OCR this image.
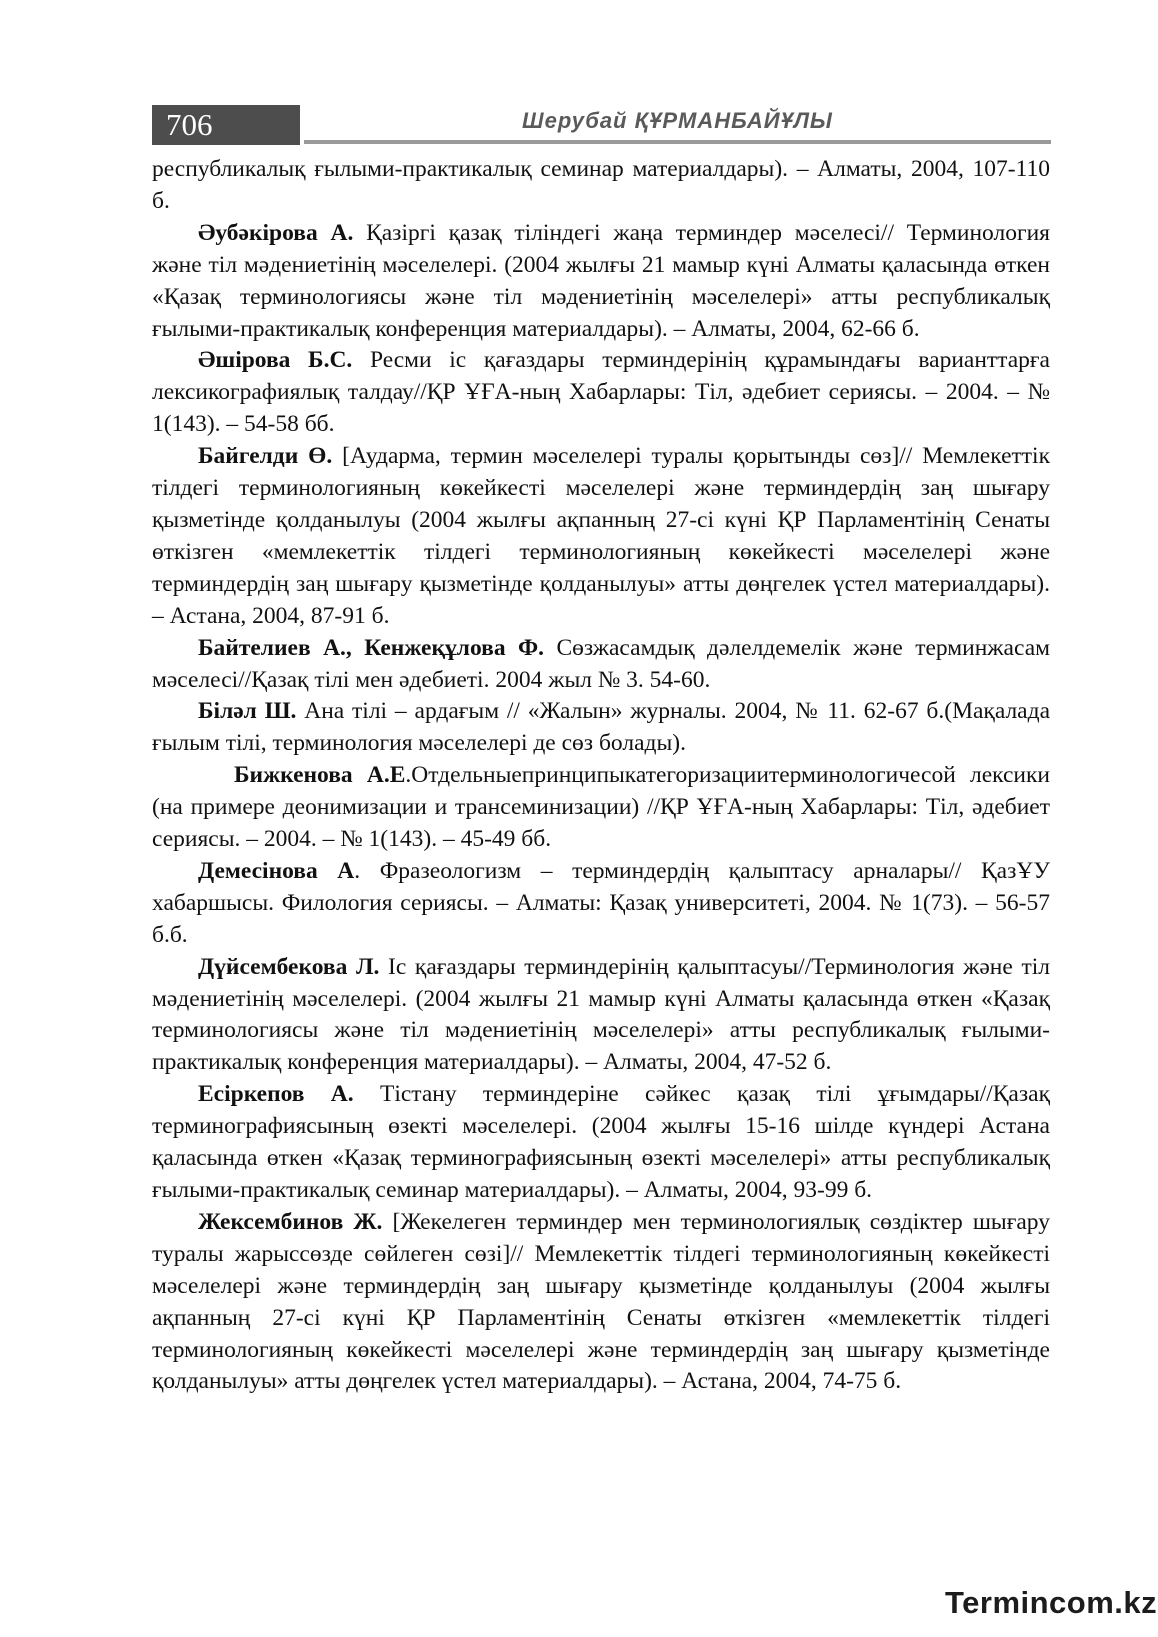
706	Шерубай ҚҰРМАНБАЙҰЛЫ

республикалық ғылыми-практикалық семинар материалдары). – Алматы, 2004, 107-110 б.

Әубәкірова А. Қазіргі қазақ тіліндегі жаңа терминдер мәселесі// Терминология және тіл мәдениетінің мәселелері. (2004 жылғы 21 мамыр күні Алматы қаласында өткен «Қазақ терминологиясы және тіл мәдениетінің мәселелері» атты республикалық ғылыми-практикалық конференция материалдары). – Алматы, 2004, 62-66 б.

Әшірова Б.С. Ресми іс қағаздары терминдерінің құрамындағы варианттарға лексикографиялық талдау//ҚР ҰҒА-ның Хабарлары: Тіл, әдебиет сериясы. – 2004. – № 1(143). – 54-58 бб.

Байгелди Ө. [Аударма, термин мәселелері туралы қорытынды сөз]// Мемлекеттік тілдегі терминологияның көкейкесті мәселелері және терминдердің заң шығару қызметінде қолданылуы (2004 жылғы ақпанның 27-сі күні ҚР Парламентінің Сенаты өткізген «мемлекеттік тілдегі терминологияның көкейкесті мәселелері және терминдердің заң шығару қызметінде қолданылуы» атты дөңгелек үстел материалдары). – Астана, 2004, 87-91 б.

Байтелиев А., Кенжеқұлова Ф. Сөзжасамдық дәлелдемелік және терминжасам мәселесі//Қазақ тілі мен әдебиеті. 2004 жыл № 3. 54-60.

Біләл Ш. Ана тілі – ардағым // «Жалын» журналы. 2004, № 11. 62-67 б.(Мақалада ғылым тілі, терминология мәселелері де сөз болады).

Бижкенова А.Е.Отдельныепринципыкатегоризациитерминологичесой лексики (на примере деонимизации и трансеминизации) //ҚР ҰҒА-ның Хабарлары: Тіл, әдебиет сериясы. – 2004. – № 1(143). – 45-49 бб.

Демесінова А. Фразеологизм – терминдердің қалыптасу арналары// ҚазҰУ хабаршысы. Филология сериясы. – Алматы: Қазақ университеті, 2004. № 1(73). – 56-57 б.б.

Дүйсембекова Л. Іс қағаздары терминдерінің қалыптасуы//Терминология және тіл мәдениетінің мәселелері. (2004 жылғы 21 мамыр күні Алматы қаласында өткен «Қазақ терминологиясы және тіл мәдениетінің мәселелері» атты республикалық ғылыми-практикалық конференция материалдары). – Алматы, 2004, 47-52 б.

Есіркепов А. Тістану терминдеріне сәйкес қазақ тілі ұғымдары//Қазақ терминографиясының өзекті мәселелері. (2004 жылғы 15-16 шілде күндері Астана қаласында өткен «Қазақ терминографиясының өзекті мәселелері» атты республикалық ғылыми-практикалық семинар материалдары). – Алматы, 2004, 93-99 б.

Жексембинов Ж. [Жекелеген терминдер мен терминологиялық сөздіктер шығару туралы жарыссөзде сөйлеген сөзі]// Мемлекеттік тілдегі терминологияның көкейкесті мәселелері және терминдердің заң шығару қызметінде қолданылуы (2004 жылғы ақпанның 27-сі күні ҚР Парламентінің Сенаты өткізген «мемлекеттік тілдегі терминологияның көкейкесті мәселелері және терминдердің заң шығару қызметінде қолданылуы» атты дөңгелек үстел материалдары). – Астана, 2004, 74-75 б.

Termincom.kz
